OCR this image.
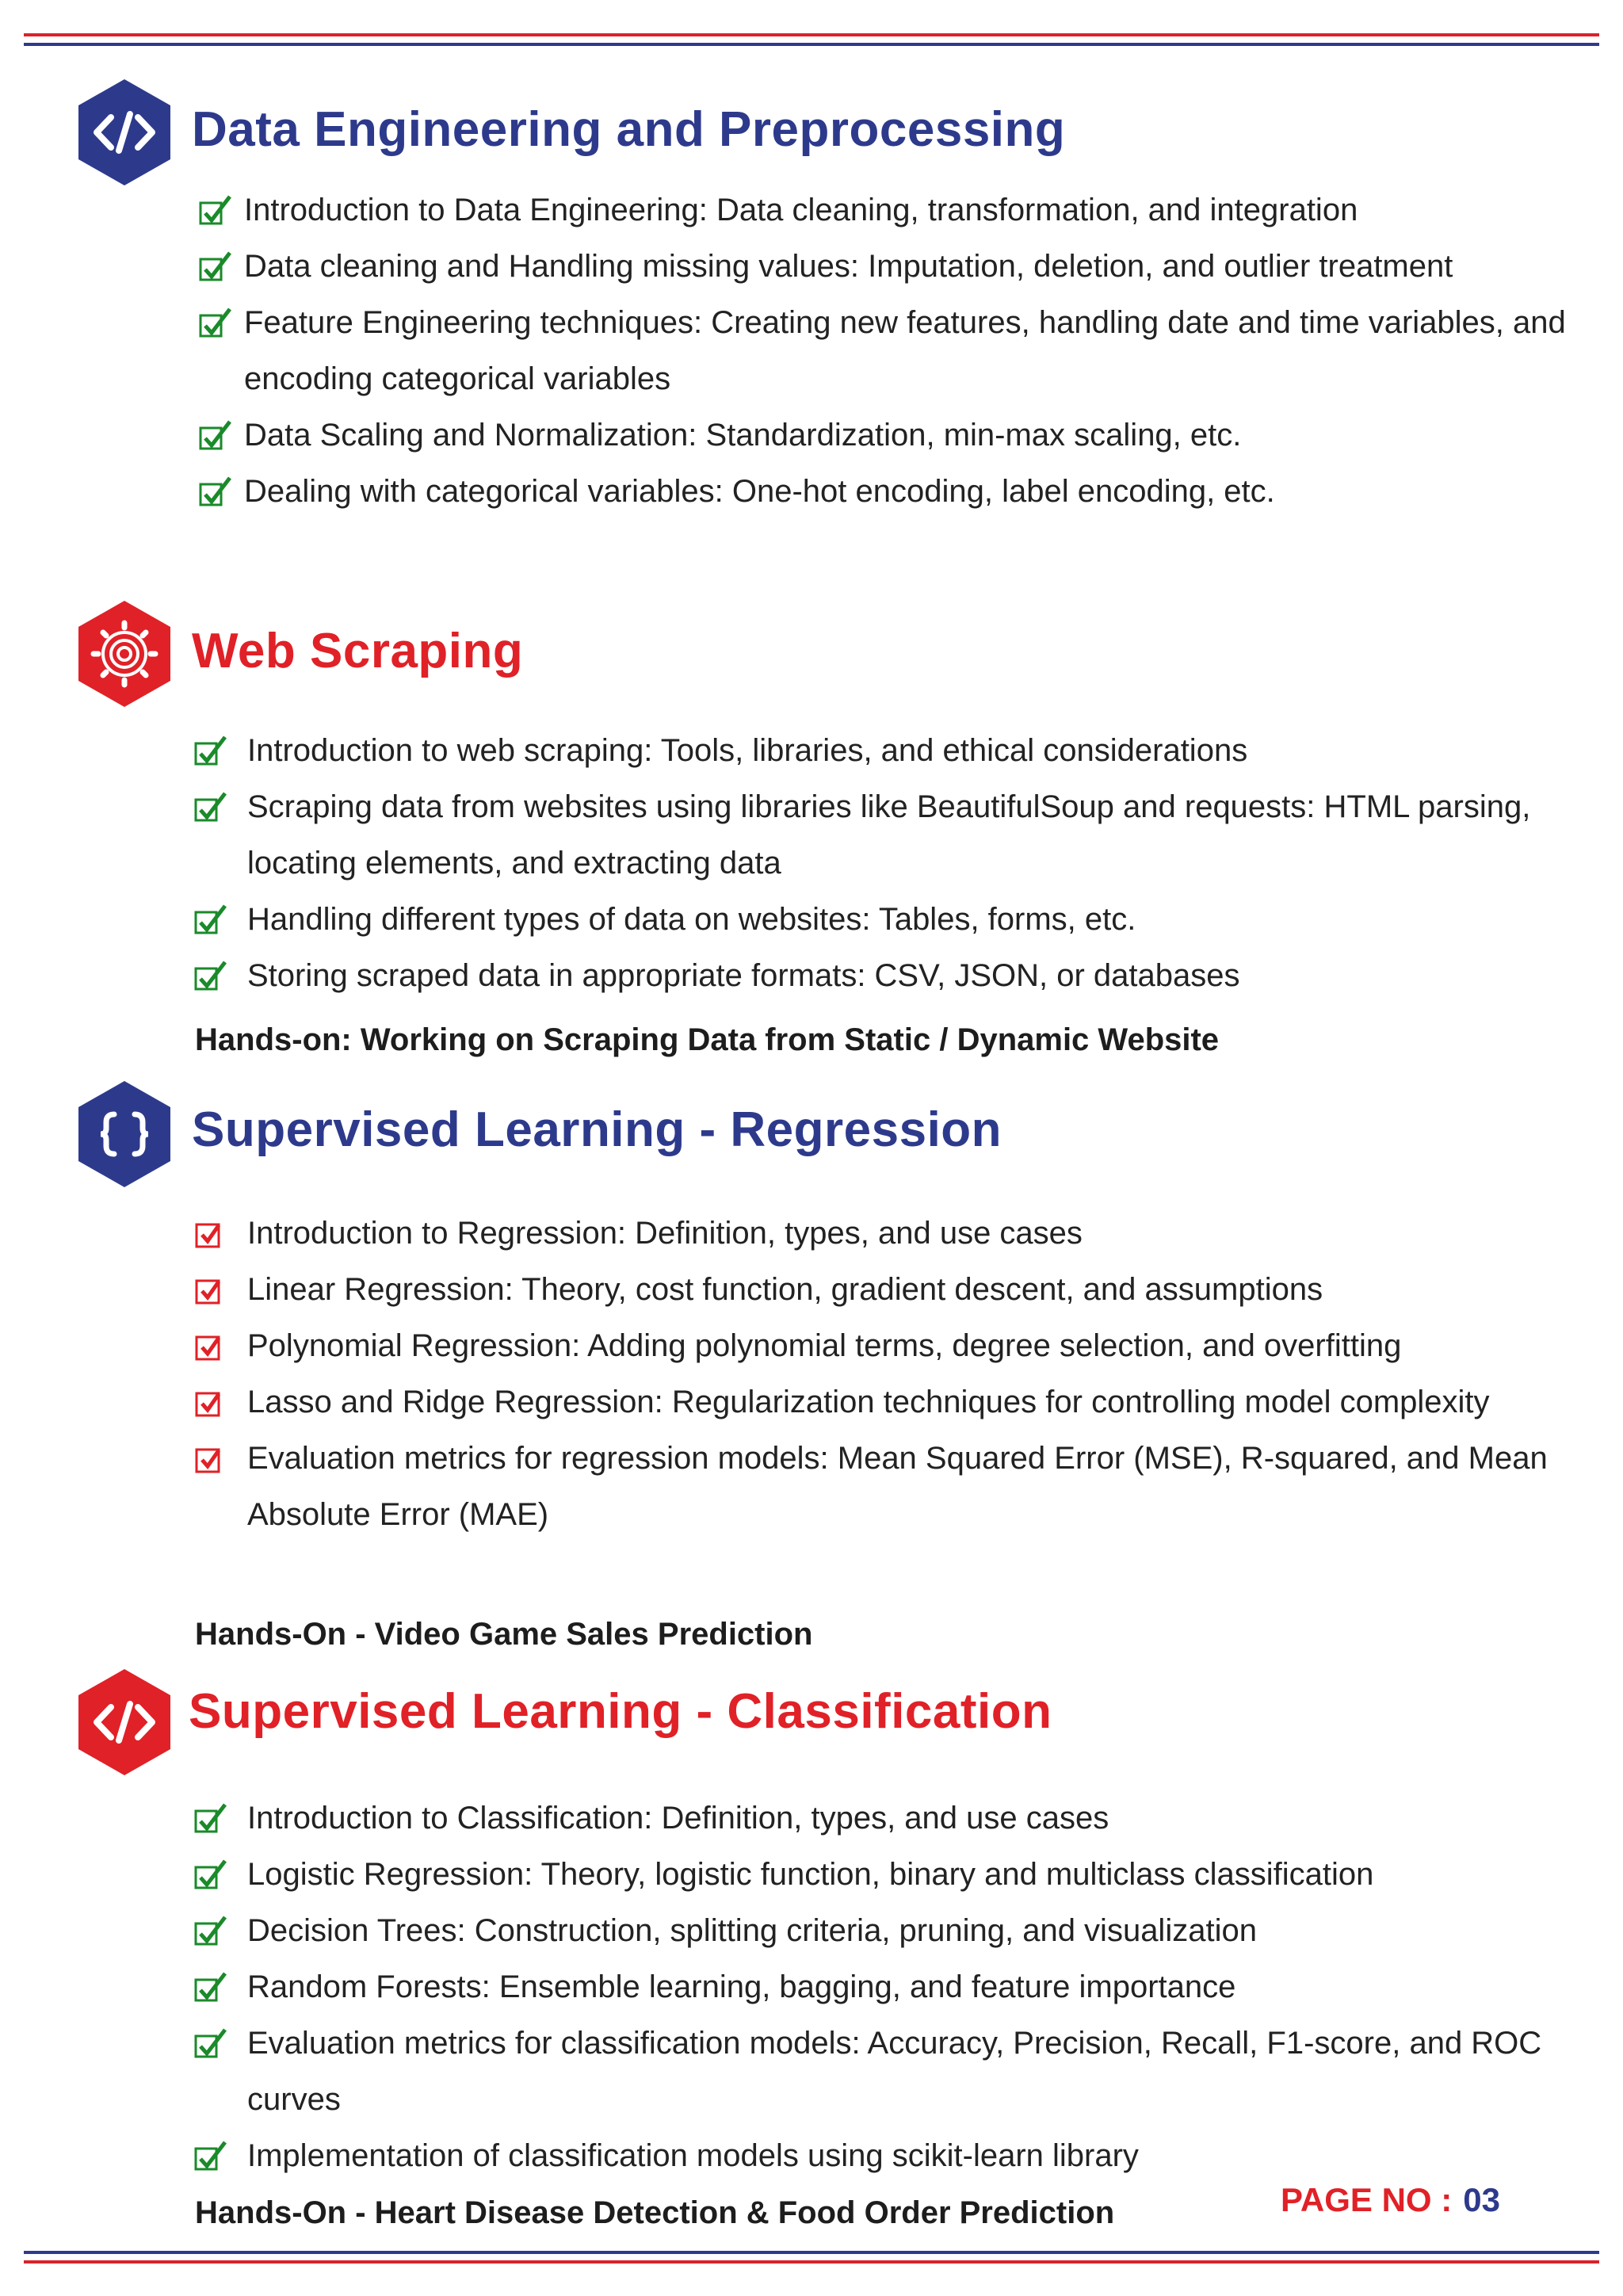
Data Engineering and Preprocessing
Introduction to Data Engineering: Data cleaning, transformation, and integration
Data cleaning and Handling missing values: Imputation, deletion, and outlier treatment
Feature Engineering techniques: Creating new features, handling date and time variables, and encoding categorical variables
Data Scaling and Normalization: Standardization, min-max scaling, etc.
Dealing with categorical variables: One-hot encoding, label encoding, etc.
Web Scraping
Introduction to web scraping: Tools, libraries, and ethical considerations
Scraping data from websites using libraries like BeautifulSoup and requests: HTML parsing, locating elements, and extracting data
Handling different types of data on websites: Tables, forms, etc.
Storing scraped data in appropriate formats: CSV, JSON, or databases

Hands-on: Working on Scraping Data from Static / Dynamic Website

Supervised Learning - Regression
Introduction to Regression: Definition, types, and use cases
Linear Regression: Theory, cost function, gradient descent, and assumptions
Polynomial Regression: Adding polynomial terms, degree selection, and overfitting
Lasso and Ridge Regression: Regularization techniques for controlling model complexity
Evaluation metrics for regression models: Mean Squared Error (MSE), R-squared, and Mean Absolute Error (MAE)

Hands-On - Video Game Sales Prediction

Supervised Learning - Classification
Introduction to Classification: Definition, types, and use cases
Logistic Regression: Theory, logistic function, binary and multiclass classification
Decision Trees: Construction, splitting criteria, pruning, and visualization
Random Forests: Ensemble learning, bagging, and feature importance
Evaluation metrics for classification models: Accuracy, Precision, Recall, F1-score, and ROC curves
Implementation of classification models using scikit-learn library

Hands-On - Heart Disease Detection & Food Order Prediction	PAGE NO : 03
